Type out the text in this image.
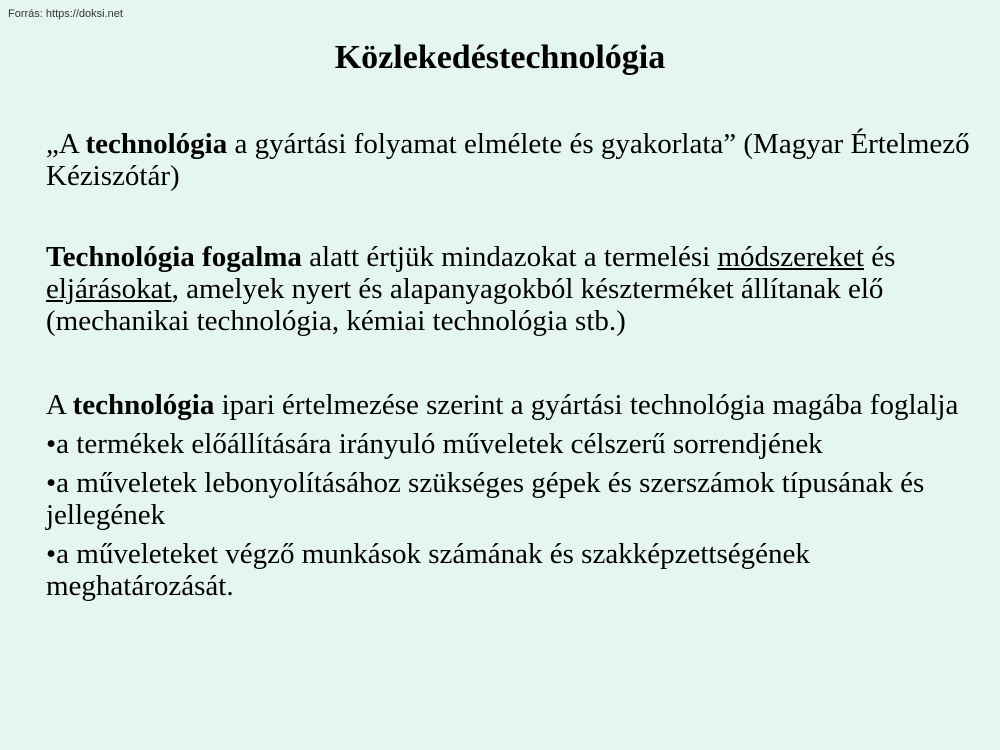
Forrás: https://doksi.net
Közlekedéstechnológia

„A technológia a gyártási folyamat elmélete és gyakorlata” (Magyar Értelmező Kéziszótár)

Technológia fogalma alatt értjük mindazokat a termelési módszereket és eljárásokat, amelyek nyert és alapanyagokból készterméket állítanak elő (mechanikai technológia, kémiai technológia stb.)

A technológia ipari értelmezése szerint a gyártási technológia magába foglalja

•a termékek előállítására irányuló műveletek célszerű sorrendjének

•a műveletek lebonyolításához szükséges gépek és szerszámok típusának és jellegének

•a műveleteket végző munkások számának és szakképzettségének meghatározását.
